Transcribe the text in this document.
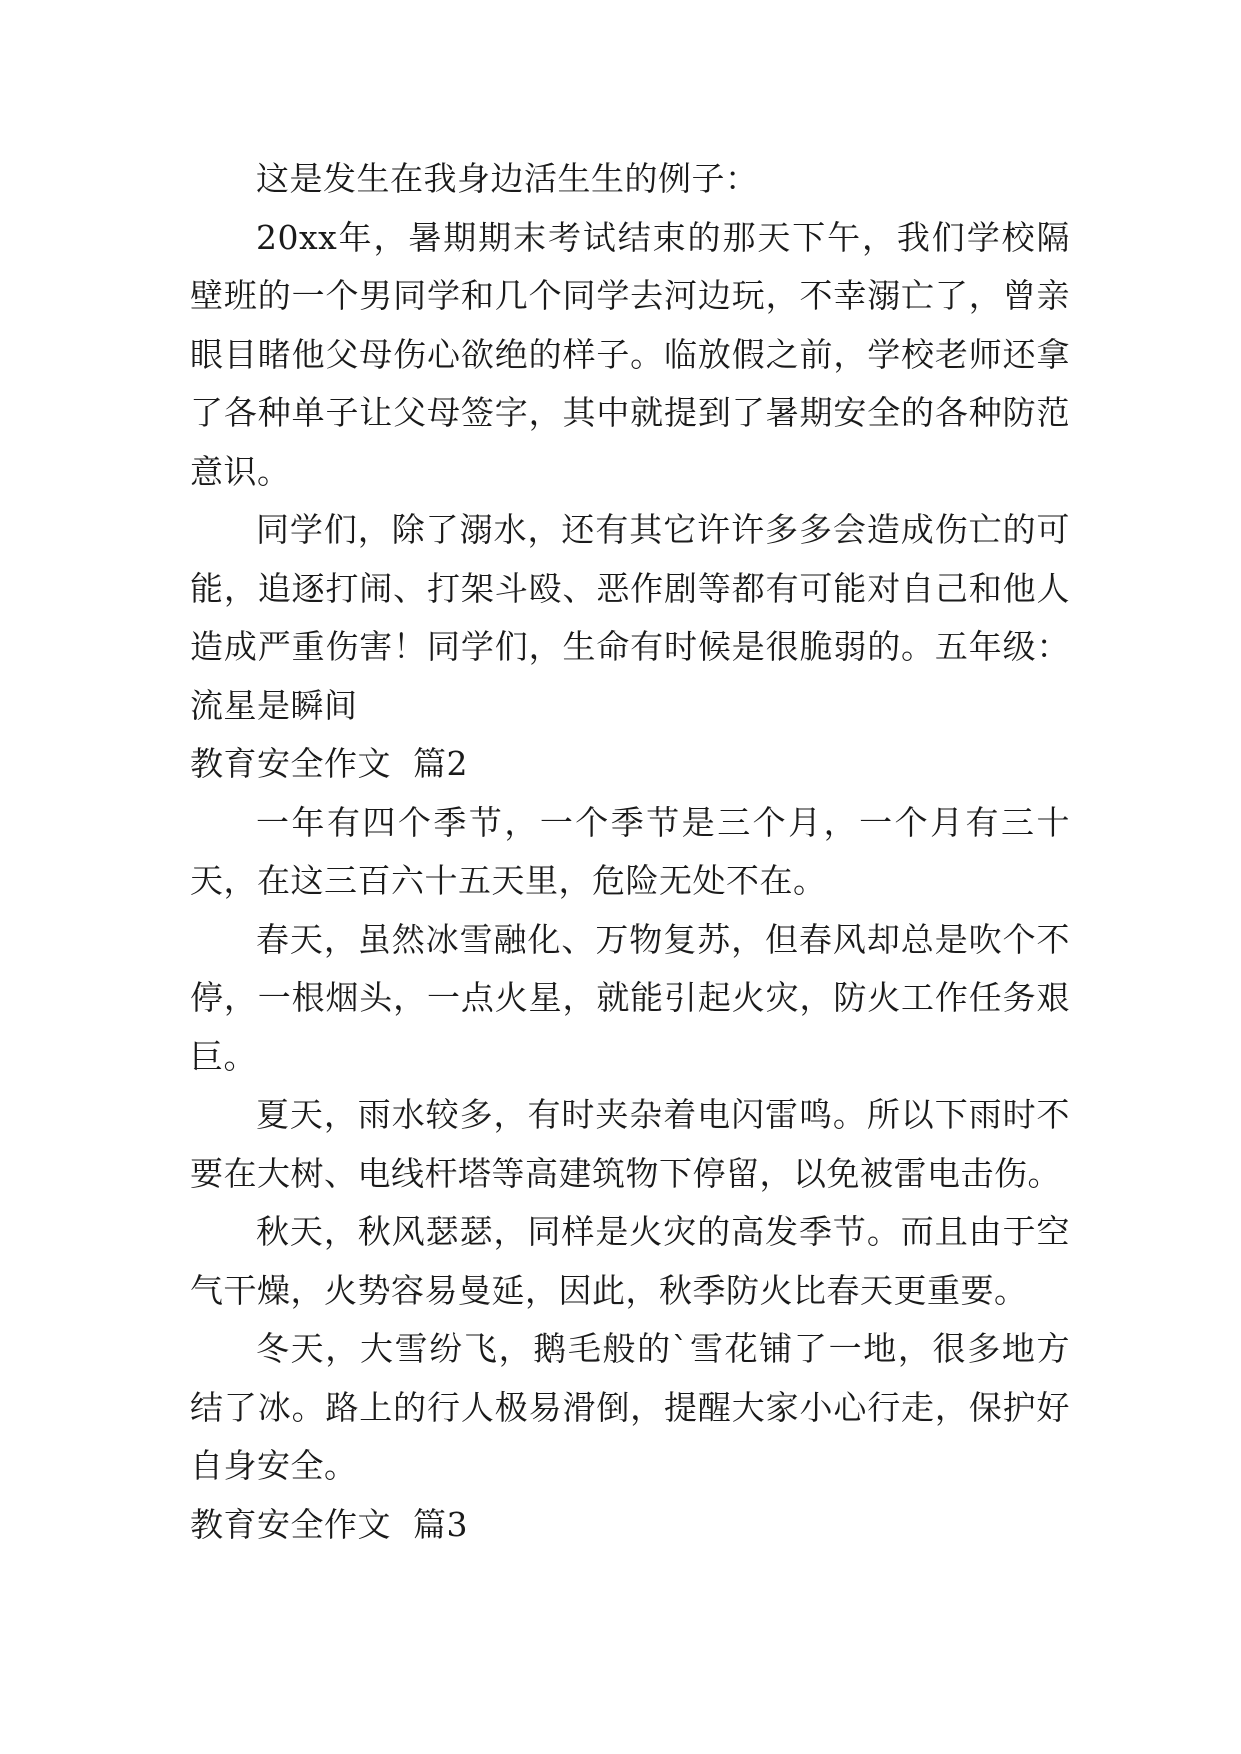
这是发生在我身边活生生的例子：

20xx年，暑期期末考试结束的那天下午，我们学校隔壁班的一个男同学和几个同学去河边玩，不幸溺亡了，曾亲眼目睹他父母伤心欲绝的样子。临放假之前，学校老师还拿了各种单子让父母签字，其中就提到了暑期安全的各种防范意识。

同学们，除了溺水，还有其它许许多多会造成伤亡的可能，追逐打闹、打架斗殴、恶作剧等都有可能对自己和他人造成严重伤害！同学们，生命有时候是很脆弱的。五年级：流星是瞬间

教育安全作文  篇2

一年有四个季节，一个季节是三个月，一个月有三十天，在这三百六十五天里，危险无处不在。

春天，虽然冰雪融化、万物复苏，但春风却总是吹个不停，一根烟头，一点火星，就能引起火灾，防火工作任务艰巨。

夏天，雨水较多，有时夹杂着电闪雷鸣。所以下雨时不要在大树、电线杆塔等高建筑物下停留，以免被雷电击伤。

秋天，秋风瑟瑟，同样是火灾的高发季节。而且由于空气干燥，火势容易曼延，因此，秋季防火比春天更重要。

冬天，大雪纷飞，鹅毛般的`雪花铺了一地，很多地方结了冰。路上的行人极易滑倒，提醒大家小心行走，保护好自身安全。

教育安全作文  篇3
